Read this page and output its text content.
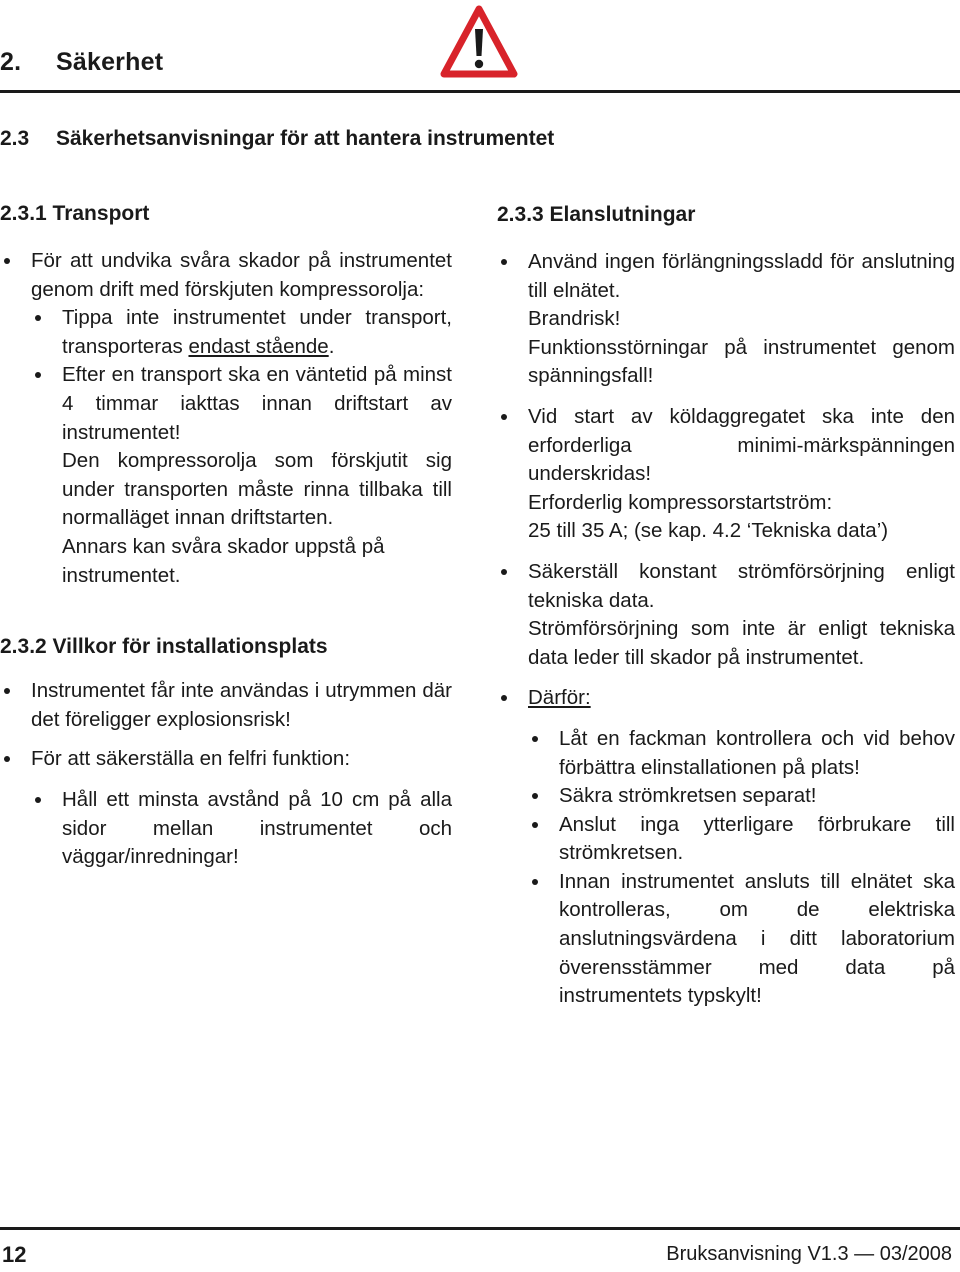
2. Säkerhet
2.3 Säkerhetsanvisningar för att hantera instrumentet
2.3.1 Transport

För att undvika svåra skador på instrumentet genom drift med förskjuten kompressorolja:

Tippa inte instrumentet under transport, transporteras endast stående.

Efter en transport ska en väntetid på minst 4 timmar iakttas innan driftstart av instrumentet!

Den kompressorolja som förskjutit sig under transporten måste rinna tillbaka till normalläget innan driftstarten.

Annars kan svåra skador uppstå på instrumentet.

2.3.2 Villkor för installationsplats

Instrumentet får inte användas i utrymmen där det föreligger explosionsrisk!

För att säkerställa en felfri funktion:

Håll ett minsta avstånd på 10 cm på alla sidor mellan instrumentet och väggar/inredningar!

2.3.3 Elanslutningar

Använd ingen förlängningssladd för anslutning till elnätet.

Brandrisk!

Funktionsstörningar på instrumentet genom spänningsfall!

Vid start av köldaggregatet ska inte den erforderliga minimi-märkspänningen underskridas!

Erforderlig kompressorstartström:

25 till 35 A; (se kap. 4.2 ‘Tekniska data’)

Säkerställ konstant strömförsörjning enligt tekniska data.

Strömförsörjning som inte är enligt tekniska data leder till skador på instrumentet.

Därför:

Låt en fackman kontrollera och vid behov förbättra elinstallationen på plats!

Säkra strömkretsen separat!

Anslut inga ytterligare förbrukare till strömkretsen.

Innan instrumentet ansluts till elnätet ska kontrolleras, om de elektriska anslutningsvärdena i ditt laboratorium överensstämmer med data på instrumentets typskylt!

12	Bruksanvisning V1.3 — 03/2008
